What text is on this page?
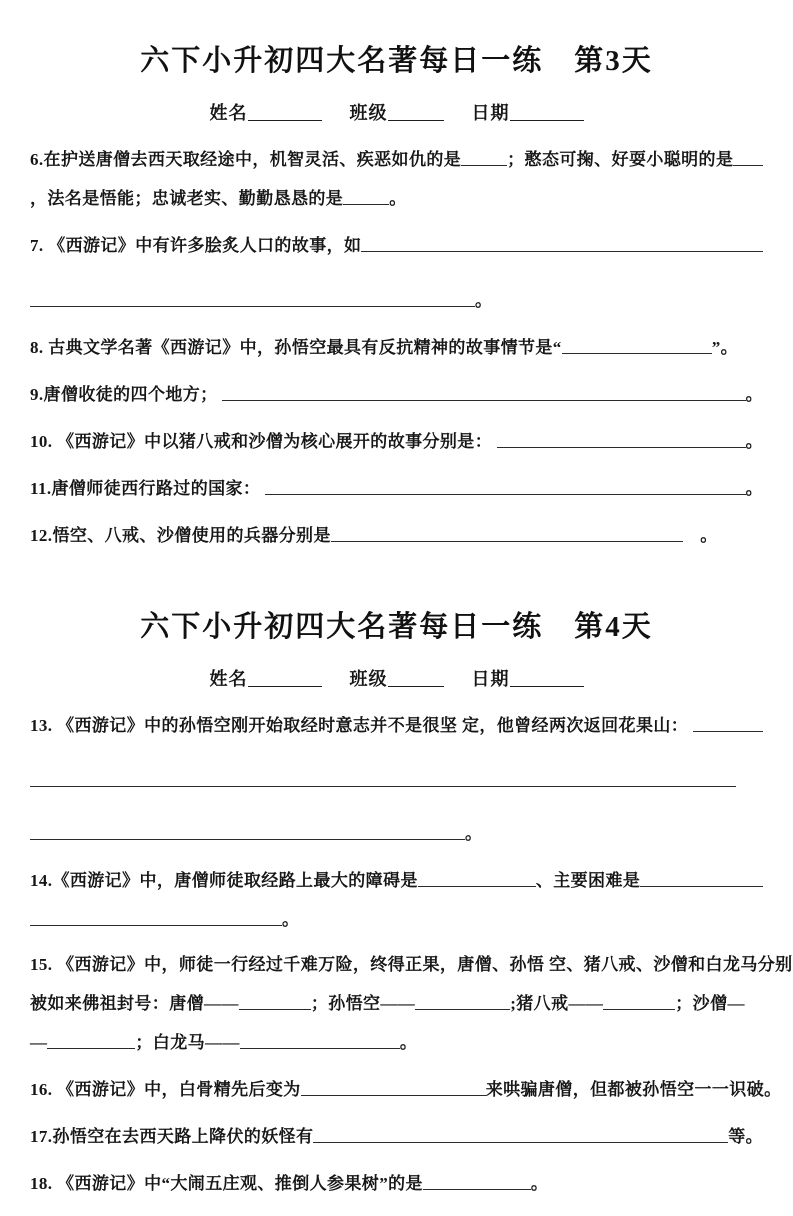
六下小升初四大名著每日一练　第3天
姓名	班级	日期
6.在护送唐僧去西天取经途中，机智灵活、疾恶如仇的是	；憨态可掬、好耍小聪明的是
，法名是悟能；忠诚老实、勤勤恳恳的是	。
7. 《西游记》中有许多脍炙人口的故事，如
。
8. 古典文学名著《西游记》中，孙悟空最具有反抗精神的故事情节是“	”。
9.唐僧收徒的四个地方；	。
10. 《西游记》中以猪八戒和沙僧为核心展开的故事分别是：	。
11.唐僧师徒西行路过的国家：	。
12.悟空、八戒、沙僧使用的兵器分别是	　。
六下小升初四大名著每日一练　第4天
姓名	班级	日期
13. 《西游记》中的孙悟空刚开始取经时意志并不是很坚 定，他曾经两次返回花果山：
。
14.《西游记》中，唐僧师徒取经路上最大的障碍是	、主要困难是
。
15. 《西游记》中，师徒一行经过千难万险，终得正果，唐僧、孙悟 空、猪八戒、沙僧和白龙马分别
被如来佛祖封号：唐僧——	；孙悟空——	;猪八戒——	；沙僧—
—	；白龙马——	。
16. 《西游记》中，白骨精先后变为	来哄骗唐僧，但都被孙悟空一一识破。
17.孙悟空在去西天路上降伏的妖怪有	等。
18. 《西游记》中“大闹五庄观、推倒人参果树”的是	。
